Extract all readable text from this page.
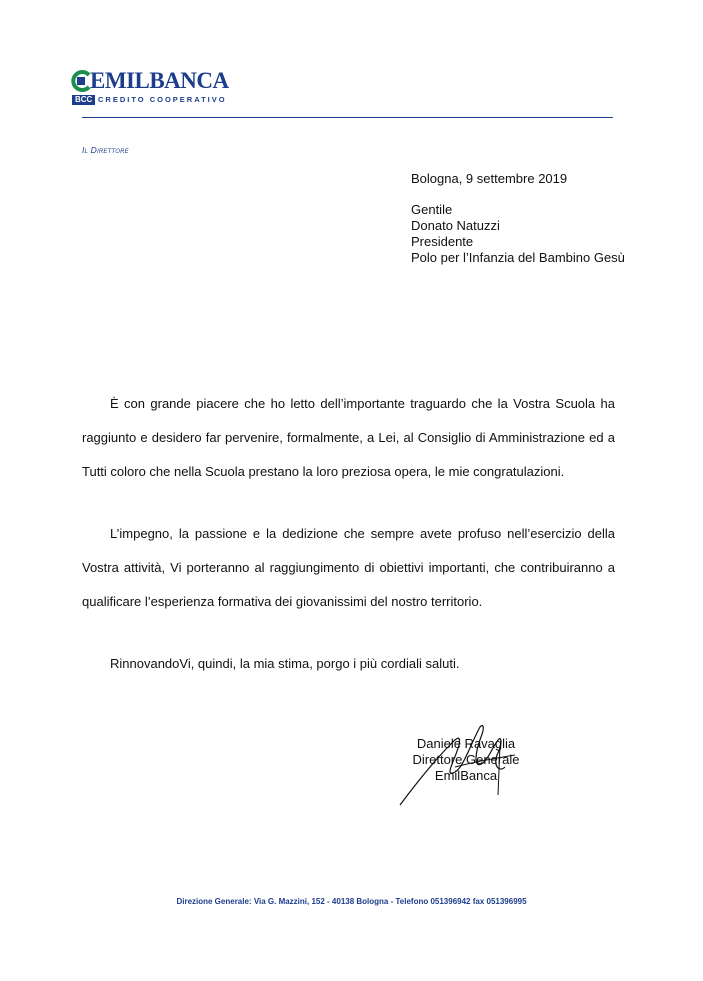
EMILBANCA
BCC CREDITO COOPERATIVO
Il Direttore
Bologna, 9 settembre 2019
Gentile
Donato Natuzzi
Presidente
Polo per l’Infanzia del Bambino Gesù

È con grande piacere che ho letto dell’importante traguardo che la Vostra Scuola ha raggiunto e desidero far pervenire, formalmente, a Lei, al Consiglio di Amministrazione ed a Tutti coloro che nella Scuola prestano la loro preziosa opera, le mie congratulazioni.

L’impegno, la passione e la dedizione che sempre avete profuso nell’esercizio della Vostra attività, Vi porteranno al raggiungimento di obiettivi importanti, che contribuiranno a qualificare l’esperienza formativa dei giovanissimi del nostro territorio.

RinnovandoVi, quindi, la mia stima, porgo i più cordiali saluti.

Daniele Ravaglia
Direttore Generale EmilBanca
Direzione Generale: Via G. Mazzini, 152 - 40138 Bologna - Telefono 051396942 fax 051396995
